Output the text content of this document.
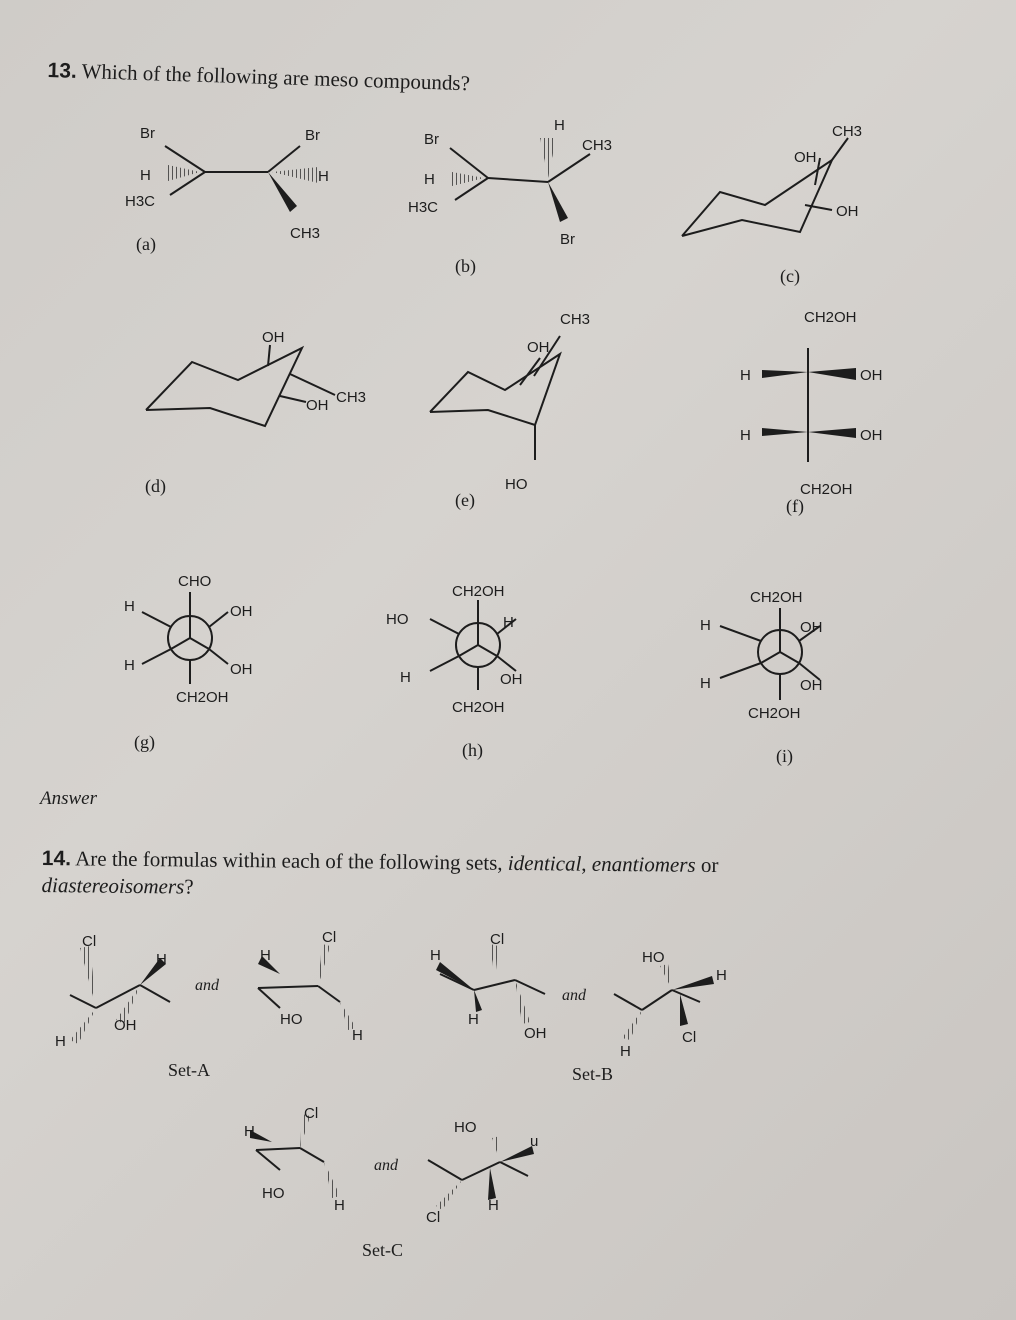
13. Which of the following are meso compounds?
Answer
14. Are the formulas within each of the following sets, identical, enantiomers or
diastereoisomers?
Br
H
H3C
Br
H
CH3
(a)
Br
H
H3C
H
CH3
Br
(b)
CH3
OH
OH
(c)
OH
OH CH3
(d)
OH
CH3
HO
(e)
CH2OH
H	OH
H	OH
CH2OH
(f)
CHO
H	OH
H	OH
CH2OH
(g)
CH2OH
HO	H
H	OH
CH2OH
(h)
CH2OH
H	OH
H	OH
CH2OH
(i)
Cl
H
OH
H
and
H
Cl
HO
H
Set-A
H
Cl
H
OH
and
HO
H
Cl
H
Set-B
H
Cl
HO
H
and
HO
u
Cl
H
Set-C
